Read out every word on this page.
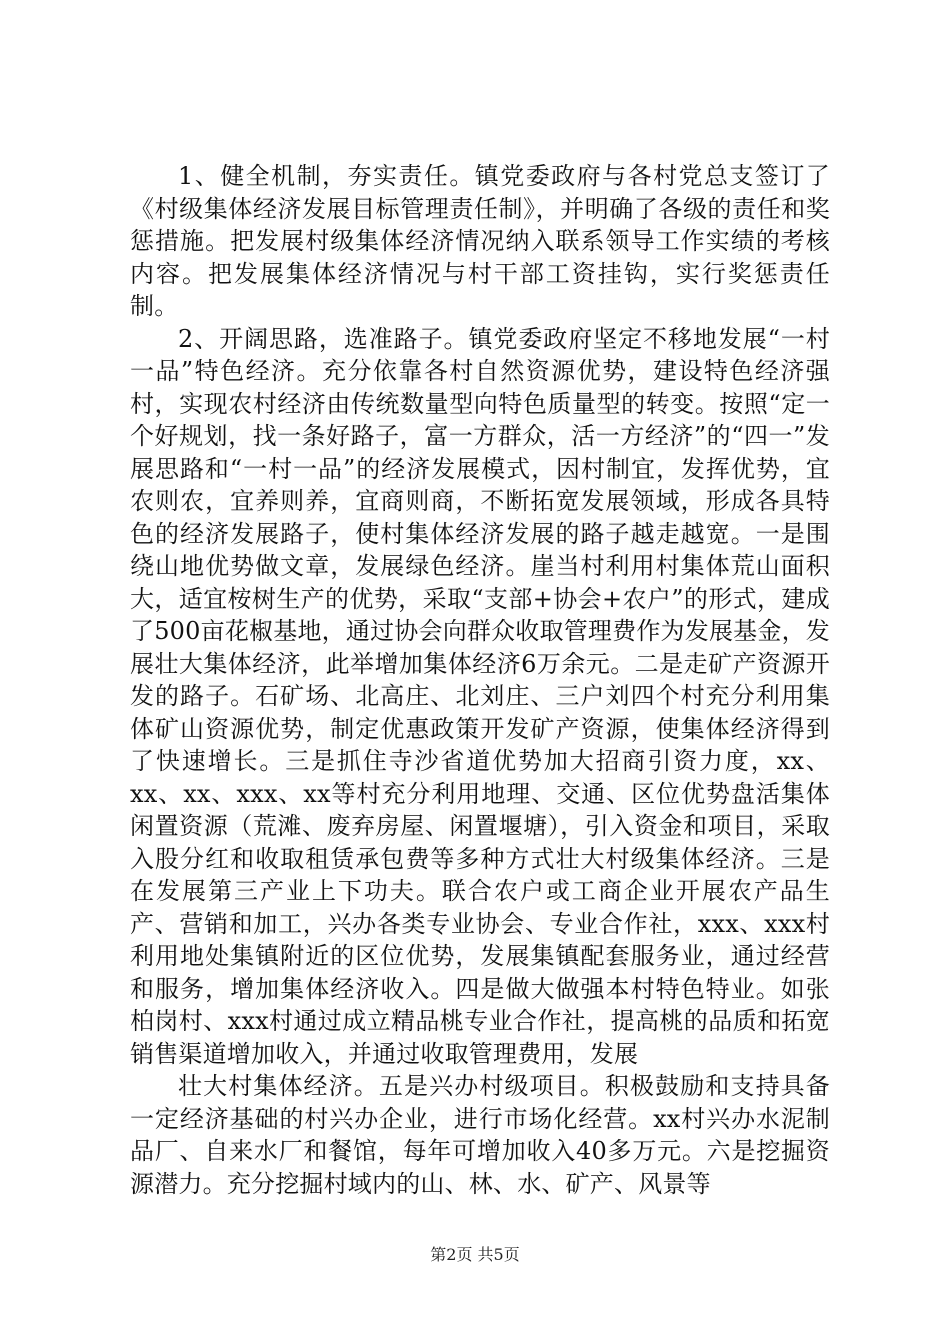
1、健全机制，夯实责任。镇党委政府与各村党总支签订了《村级集体经济发展目标管理责任制》，并明确了各级的责任和奖惩措施。把发展村级集体经济情况纳入联系领导工作实绩的考核内容。把发展集体经济情况与村干部工资挂钩，实行奖惩责任制。

2、开阔思路，选准路子。镇党委政府坚定不移地发展“一村一品”特色经济。充分依靠各村自然资源优势，建设特色经济强村，实现农村经济由传统数量型向特色质量型的转变。按照“定一个好规划，找一条好路子，富一方群众，活一方经济”的“四一”发展思路和“一村一品”的经济发展模式，因村制宜，发挥优势，宜农则农，宜养则养，宜商则商，不断拓宽发展领域，形成各具特色的经济发展路子，使村集体经济发展的路子越走越宽。一是围绕山地优势做文章，发展绿色经济。崖当村利用村集体荒山面积大，适宜桉树生产的优势，采取“支部+协会+农户”的形式，建成了500亩花椒基地，通过协会向群众收取管理费作为发展基金，发展壮大集体经济，此举增加集体经济6万余元。二是走矿产资源开发的路子。石矿场、北高庄、北刘庄、三户刘四个村充分利用集体矿山资源优势，制定优惠政策开发矿产资源，使集体经济得到了快速增长。三是抓住寺沙省道优势加大招商引资力度，xx、xx、xx、xxx、xx等村充分利用地理、交通、区位优势盘活集体闲置资源（荒滩、废弃房屋、闲置堰塘），引入资金和项目，采取入股分红和收取租赁承包费等多种方式壮大村级集体经济。三是在发展第三产业上下功夫。联合农户或工商企业开展农产品生产、营销和加工，兴办各类专业协会、专业合作社，xxx、xxx村利用地处集镇附近的区位优势，发展集镇配套服务业，通过经营和服务，增加集体经济收入。四是做大做强本村特色特业。如张柏岗村、xxx村通过成立精品桃专业合作社，提高桃的品质和拓宽销售渠道增加收入，并通过收取管理费用，发展

壮大村集体经济。五是兴办村级项目。积极鼓励和支持具备一定经济基础的村兴办企业，进行市场化经营。xx村兴办水泥制品厂、自来水厂和餐馆，每年可增加收入40多万元。六是挖掘资源潜力。充分挖掘村域内的山、林、水、矿产、风景等

第2页 共5页
